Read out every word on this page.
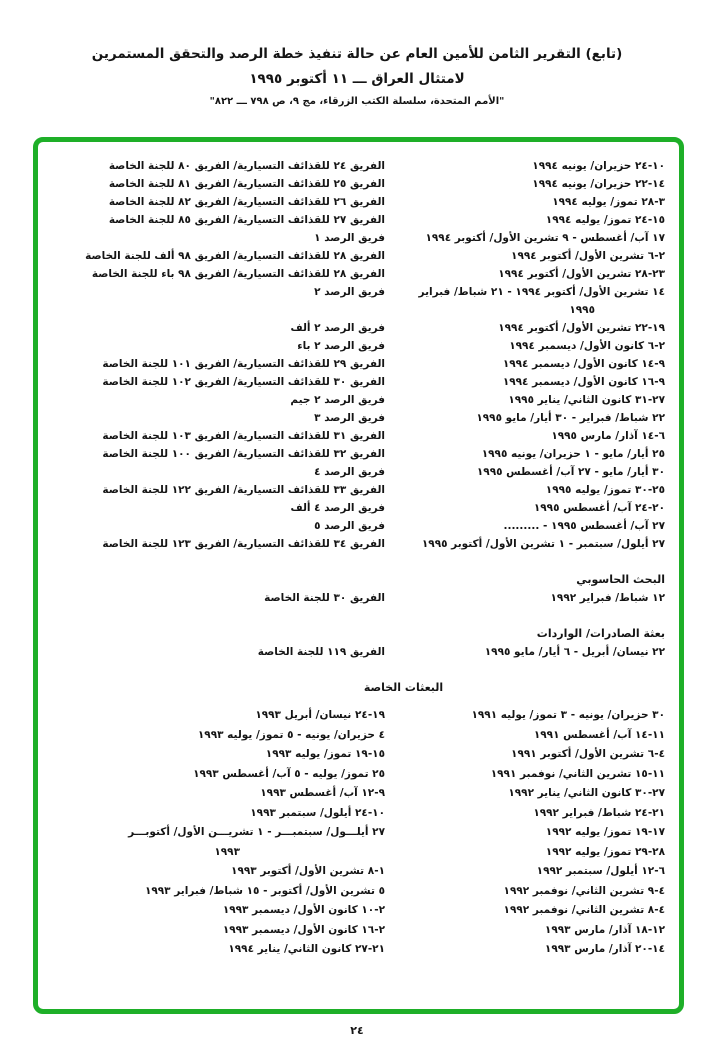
(تابع) التقرير الثامن للأمين العام عن حالة تنفيذ خطة الرصد والتحقق المستمرين
لامتثال العراق ـــ ١١ أكتوبر ١٩٩٥
"الأمم المتحدة، سلسلة الكتب الزرقاء، مج ٩، ص ٧٩٨ ـــ ٨٢٢"
١٠-٢٤ حزيران/ يونيه ١٩٩٤
الفريق ٢٤ للقذائف التسيارية/ الفريق ٨٠ للجنة الخاصة
١٤-٢٢ حزيران/ يونيه ١٩٩٤
الفريق ٢٥ للقذائف التسيارية/ الفريق ٨١ للجنة الخاصة
٣-٢٨ تموز/ يوليه ١٩٩٤
الفريق ٢٦ للقذائف التسيارية/ الفريق ٨٢ للجنة الخاصة
١٥-٢٤ تموز/ يوليه ١٩٩٤
الفريق ٢٧ للقذائف التسيارية/ الفريق ٨٥ للجنة الخاصة
١٧ آب/ أغسطس - ٩ تشرين الأول/ أكتوبر ١٩٩٤
فريق الرصد ١
٢-٦ تشرين الأول/ أكتوبر ١٩٩٤
الفريق ٢٨ للقذائف التسيارية/ الفريق ٩٨ ألف للجنة الخاصة
٢٣-٢٨ تشرين الأول/ أكتوبر ١٩٩٤
الفريق ٢٨ للقذائف التسيارية/ الفريق ٩٨ باء للجنة الخاصة
١٤ تشرين الأول/ أكتوبر ١٩٩٤ - ٢١ شباط/ فبراير
١٩٩٥
فريق الرصد ٢
١٩-٢٢ تشرين الأول/ أكتوبر ١٩٩٤
فريق الرصد ٢ ألف
٢-٦ كانون الأول/ ديسمبر ١٩٩٤
فريق الرصد ٢ باء
٩-١٤ كانون الأول/ ديسمبر ١٩٩٤
الفريق ٢٩ للقذائف التسيارية/ الفريق ١٠١ للجنة الخاصة
٩-١٦ كانون الأول/ ديسمبر ١٩٩٤
الفريق ٣٠ للقذائف التسيارية/ الفريق ١٠٢ للجنة الخاصة
٢٧-٣١ كانون الثاني/ يناير ١٩٩٥
فريق الرصد ٢ جيم
٢٢ شباط/ فبراير - ٣٠ أيار/ مايو ١٩٩٥
فريق الرصد ٣
٦-١٤ آذار/ مارس ١٩٩٥
الفريق ٣١ للقذائف التسيارية/ الفريق ١٠٣ للجنة الخاصة
٢٥ أيار/ مايو - ١ حزيران/ يونيه ١٩٩٥
الفريق ٣٢ للقذائف التسيارية/ الفريق ١٠٠ للجنة الخاصة
٣٠ أيار/ مايو - ٢٧ آب/ أغسطس ١٩٩٥
فريق الرصد ٤
٢٥-٣٠ تموز/ يوليه ١٩٩٥
الفريق ٣٣ للقذائف التسيارية/ الفريق ١٢٢ للجنة الخاصة
٢٠-٢٤ آب/ أغسطس ١٩٩٥
فريق الرصد ٤ ألف
٢٧ آب/ أغسطس ١٩٩٥ - .........
فريق الرصد ٥
٢٧ أيلول/ سبتمبر - ١ تشرين الأول/ أكتوبر ١٩٩٥
الفريق ٣٤ للقذائف التسيارية/ الفريق ١٢٣ للجنة الخاصة
البحث الحاسوبي
١٢ شباط/ فبراير ١٩٩٢
الفريق ٣٠ للجنة الخاصة
بعثة الصادرات/ الواردات
٢٢ نيسان/ أبريل - ٦ أيار/ مايو ١٩٩٥
الفريق ١١٩ للجنة الخاصة
البعثات الخاصة
٣٠ حزيران/ يونيه - ٣ تموز/ يوليه ١٩٩١
١١-١٤ آب/ أغسطس ١٩٩١
٤-٦ تشرين الأول/ أكتوبر ١٩٩١
١١-١٥ تشرين الثاني/ نوفمبر ١٩٩١
٢٧-٣٠ كانون الثاني/ يناير ١٩٩٢
٢١-٢٤ شباط/ فبراير ١٩٩٢
١٧-١٩ تموز/ يوليه ١٩٩٢
٢٨-٢٩ تموز/ يوليه ١٩٩٢
٦-١٢ أيلول/ سبتمبر ١٩٩٢
٤-٩ تشرين الثاني/ نوفمبر ١٩٩٢
٤-٨ تشرين الثاني/ نوفمبر ١٩٩٢
١٢-١٨ آذار/ مارس ١٩٩٣
١٤-٢٠ آذار/ مارس ١٩٩٣
١٩-٢٤ نيسان/ أبريل ١٩٩٣
٤ حزيران/ يونيه - ٥ تموز/ يوليه ١٩٩٣
١٥-١٩ تموز/ يوليه ١٩٩٣
٢٥ تموز/ يوليه - ٥ آب/ أغسطس ١٩٩٣
٩-١٢ آب/ أغسطس ١٩٩٣
١٠-٢٤ أيلول/ سبتمبر ١٩٩٣
٢٧ أيلـــول/ سبتمبـــر - ١ تشريـــن الأول/ أكتوبـــر
١٩٩٣
١-٨ تشرين الأول/ أكتوبر ١٩٩٣
٥ تشرين الأول/ أكتوبر - ١٥ شباط/ فبراير ١٩٩٣
٢-١٠ كانون الأول/ ديسمبر ١٩٩٣
٢-١٦ كانون الأول/ ديسمبر ١٩٩٣
٢١-٢٧ كانون الثاني/ يناير ١٩٩٤
٢٤
